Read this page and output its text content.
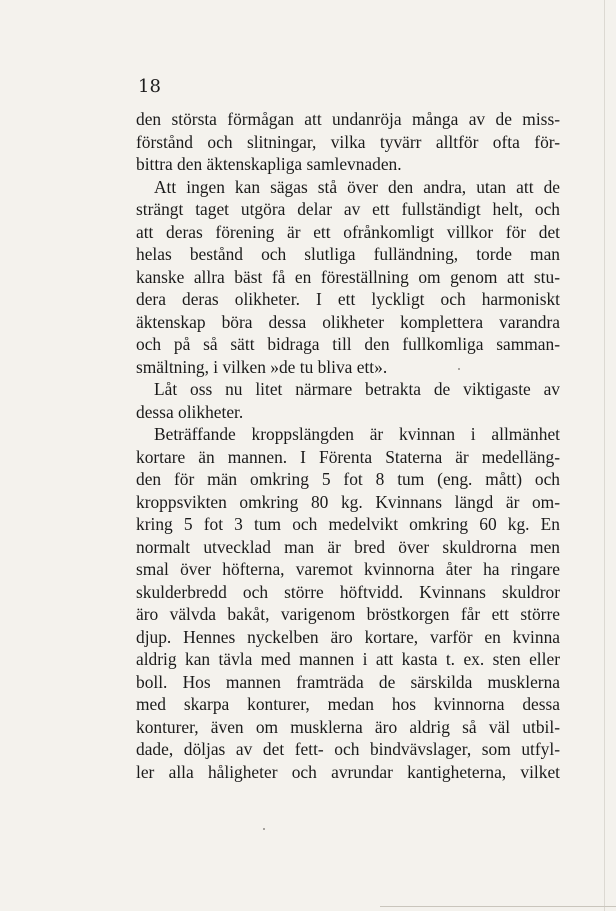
18

den största förmågan att undanröja många av de miss-
förstånd och slitningar, vilka tyvärr alltför ofta för-
bittra den äktenskapliga samlevnaden.
Att ingen kan sägas stå över den andra, utan att de
strängt taget utgöra delar av ett fullständigt helt, och
att deras förening är ett ofrånkomligt villkor för det
helas bestånd och slutliga fulländning, torde man
kanske allra bäst få en föreställning om genom att stu-
dera deras olikheter. I ett lyckligt och harmoniskt
äktenskap böra dessa olikheter komplettera varandra
och på så sätt bidraga till den fullkomliga samman-
smältning, i vilken »de tu bliva ett».
Låt oss nu litet närmare betrakta de viktigaste av
dessa olikheter.
Beträffande kroppslängden är kvinnan i allmänhet
kortare än mannen. I Förenta Staterna är medelläng-
den för män omkring 5 fot 8 tum (eng. mått) och
kroppsvikten omkring 80 kg. Kvinnans längd är om-
kring 5 fot 3 tum och medelvikt omkring 60 kg. En
normalt utvecklad man är bred över skuldrorna men
smal över höfterna, varemot kvinnorna åter ha ringare
skulderbredd och större höftvidd. Kvinnans skuldror
äro välvda bakåt, varigenom bröstkorgen får ett större
djup. Hennes nyckelben äro kortare, varför en kvinna
aldrig kan tävla med mannen i att kasta t. ex. sten eller
boll. Hos mannen framträda de särskilda musklerna
med skarpa konturer, medan hos kvinnorna dessa
konturer, även om musklerna äro aldrig så väl utbil-
dade, döljas av det fett- och bindvävslager, som utfyl-
ler alla håligheter och avrundar kantigheterna, vilket
